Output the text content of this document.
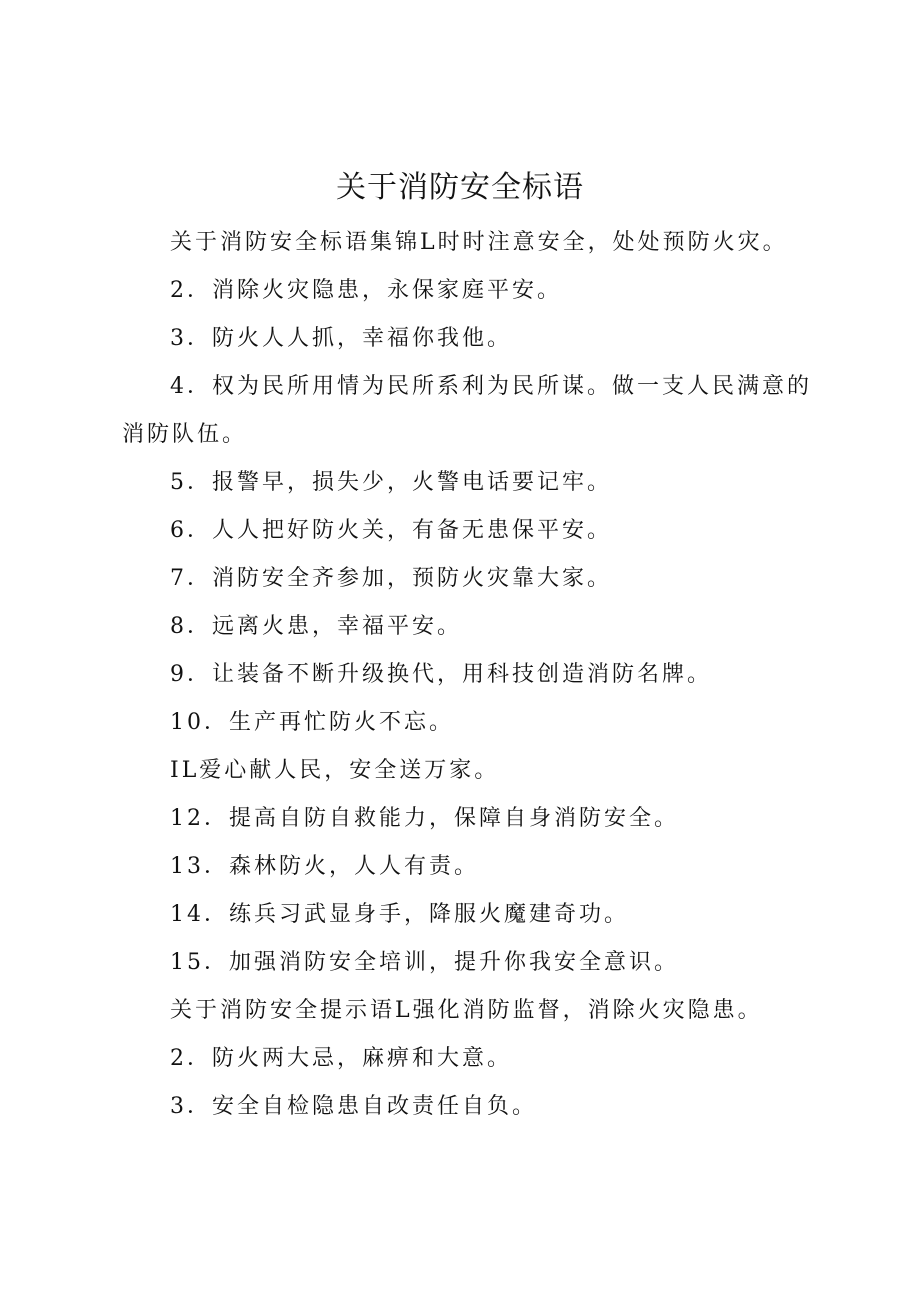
关于消防安全标语

关于消防安全标语集锦L时时注意安全，处处预防火灾。

2．消除火灾隐患，永保家庭平安。

3．防火人人抓，幸福你我他。

4．权为民所用情为民所系利为民所谋。做一支人民满意的消防队伍。

5．报警早，损失少，火警电话要记牢。

6．人人把好防火关，有备无患保平安。

7．消防安全齐参加，预防火灾靠大家。

8．远离火患，幸福平安。

9．让装备不断升级换代，用科技创造消防名牌。

10．生产再忙防火不忘。

IL爱心献人民，安全送万家。

12．提高自防自救能力，保障自身消防安全。

13．森林防火，人人有责。

14．练兵习武显身手，降服火魔建奇功。

15．加强消防安全培训，提升你我安全意识。

关于消防安全提示语L强化消防监督，消除火灾隐患。

2．防火两大忌，麻痹和大意。

3．安全自检隐患自改责任自负。
